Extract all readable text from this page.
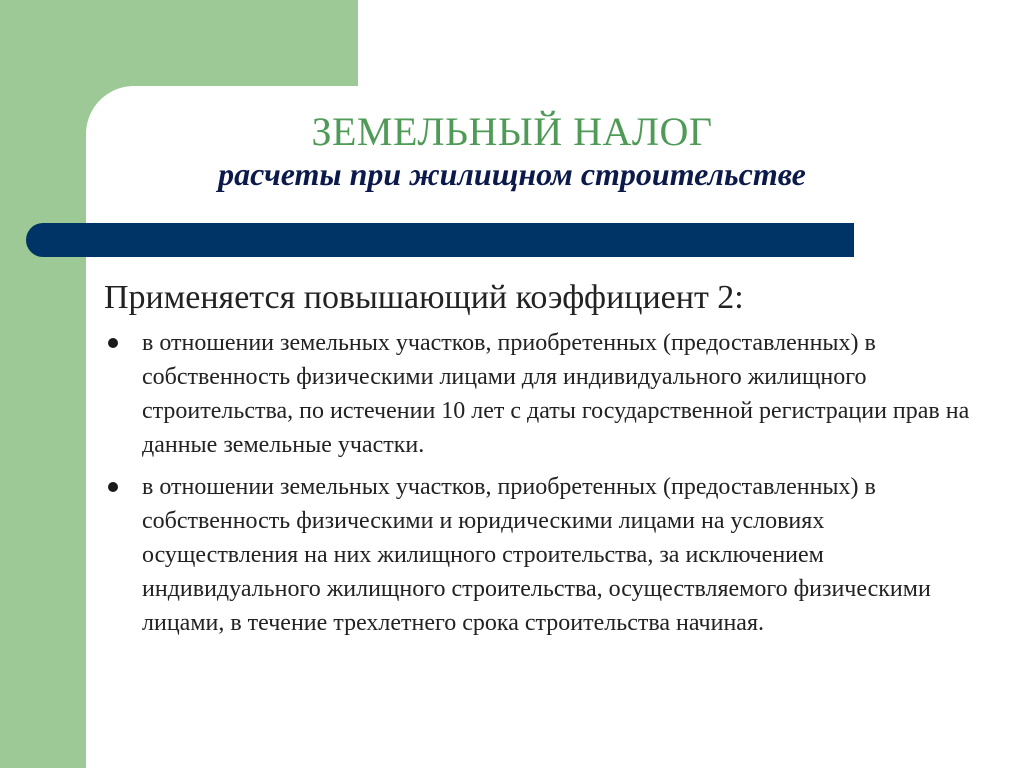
ЗЕМЕЛЬНЫЙ НАЛОГ
расчеты при жилищном строительстве

Применяется повышающий коэффициент 2:

в отношении земельных участков, приобретенных (предоставленных) в собственность физическими лицами для индивидуального жилищного строительства, по истечении 10 лет с даты государственной регистрации прав на данные земельные участки.
в отношении земельных участков, приобретенных (предоставленных) в собственность физическими и юридическими лицами на условиях осуществления на них жилищного строительства, за исключением индивидуального жилищного строительства, осуществляемого физическими лицами, в течение трехлетнего срока строительства начиная.
